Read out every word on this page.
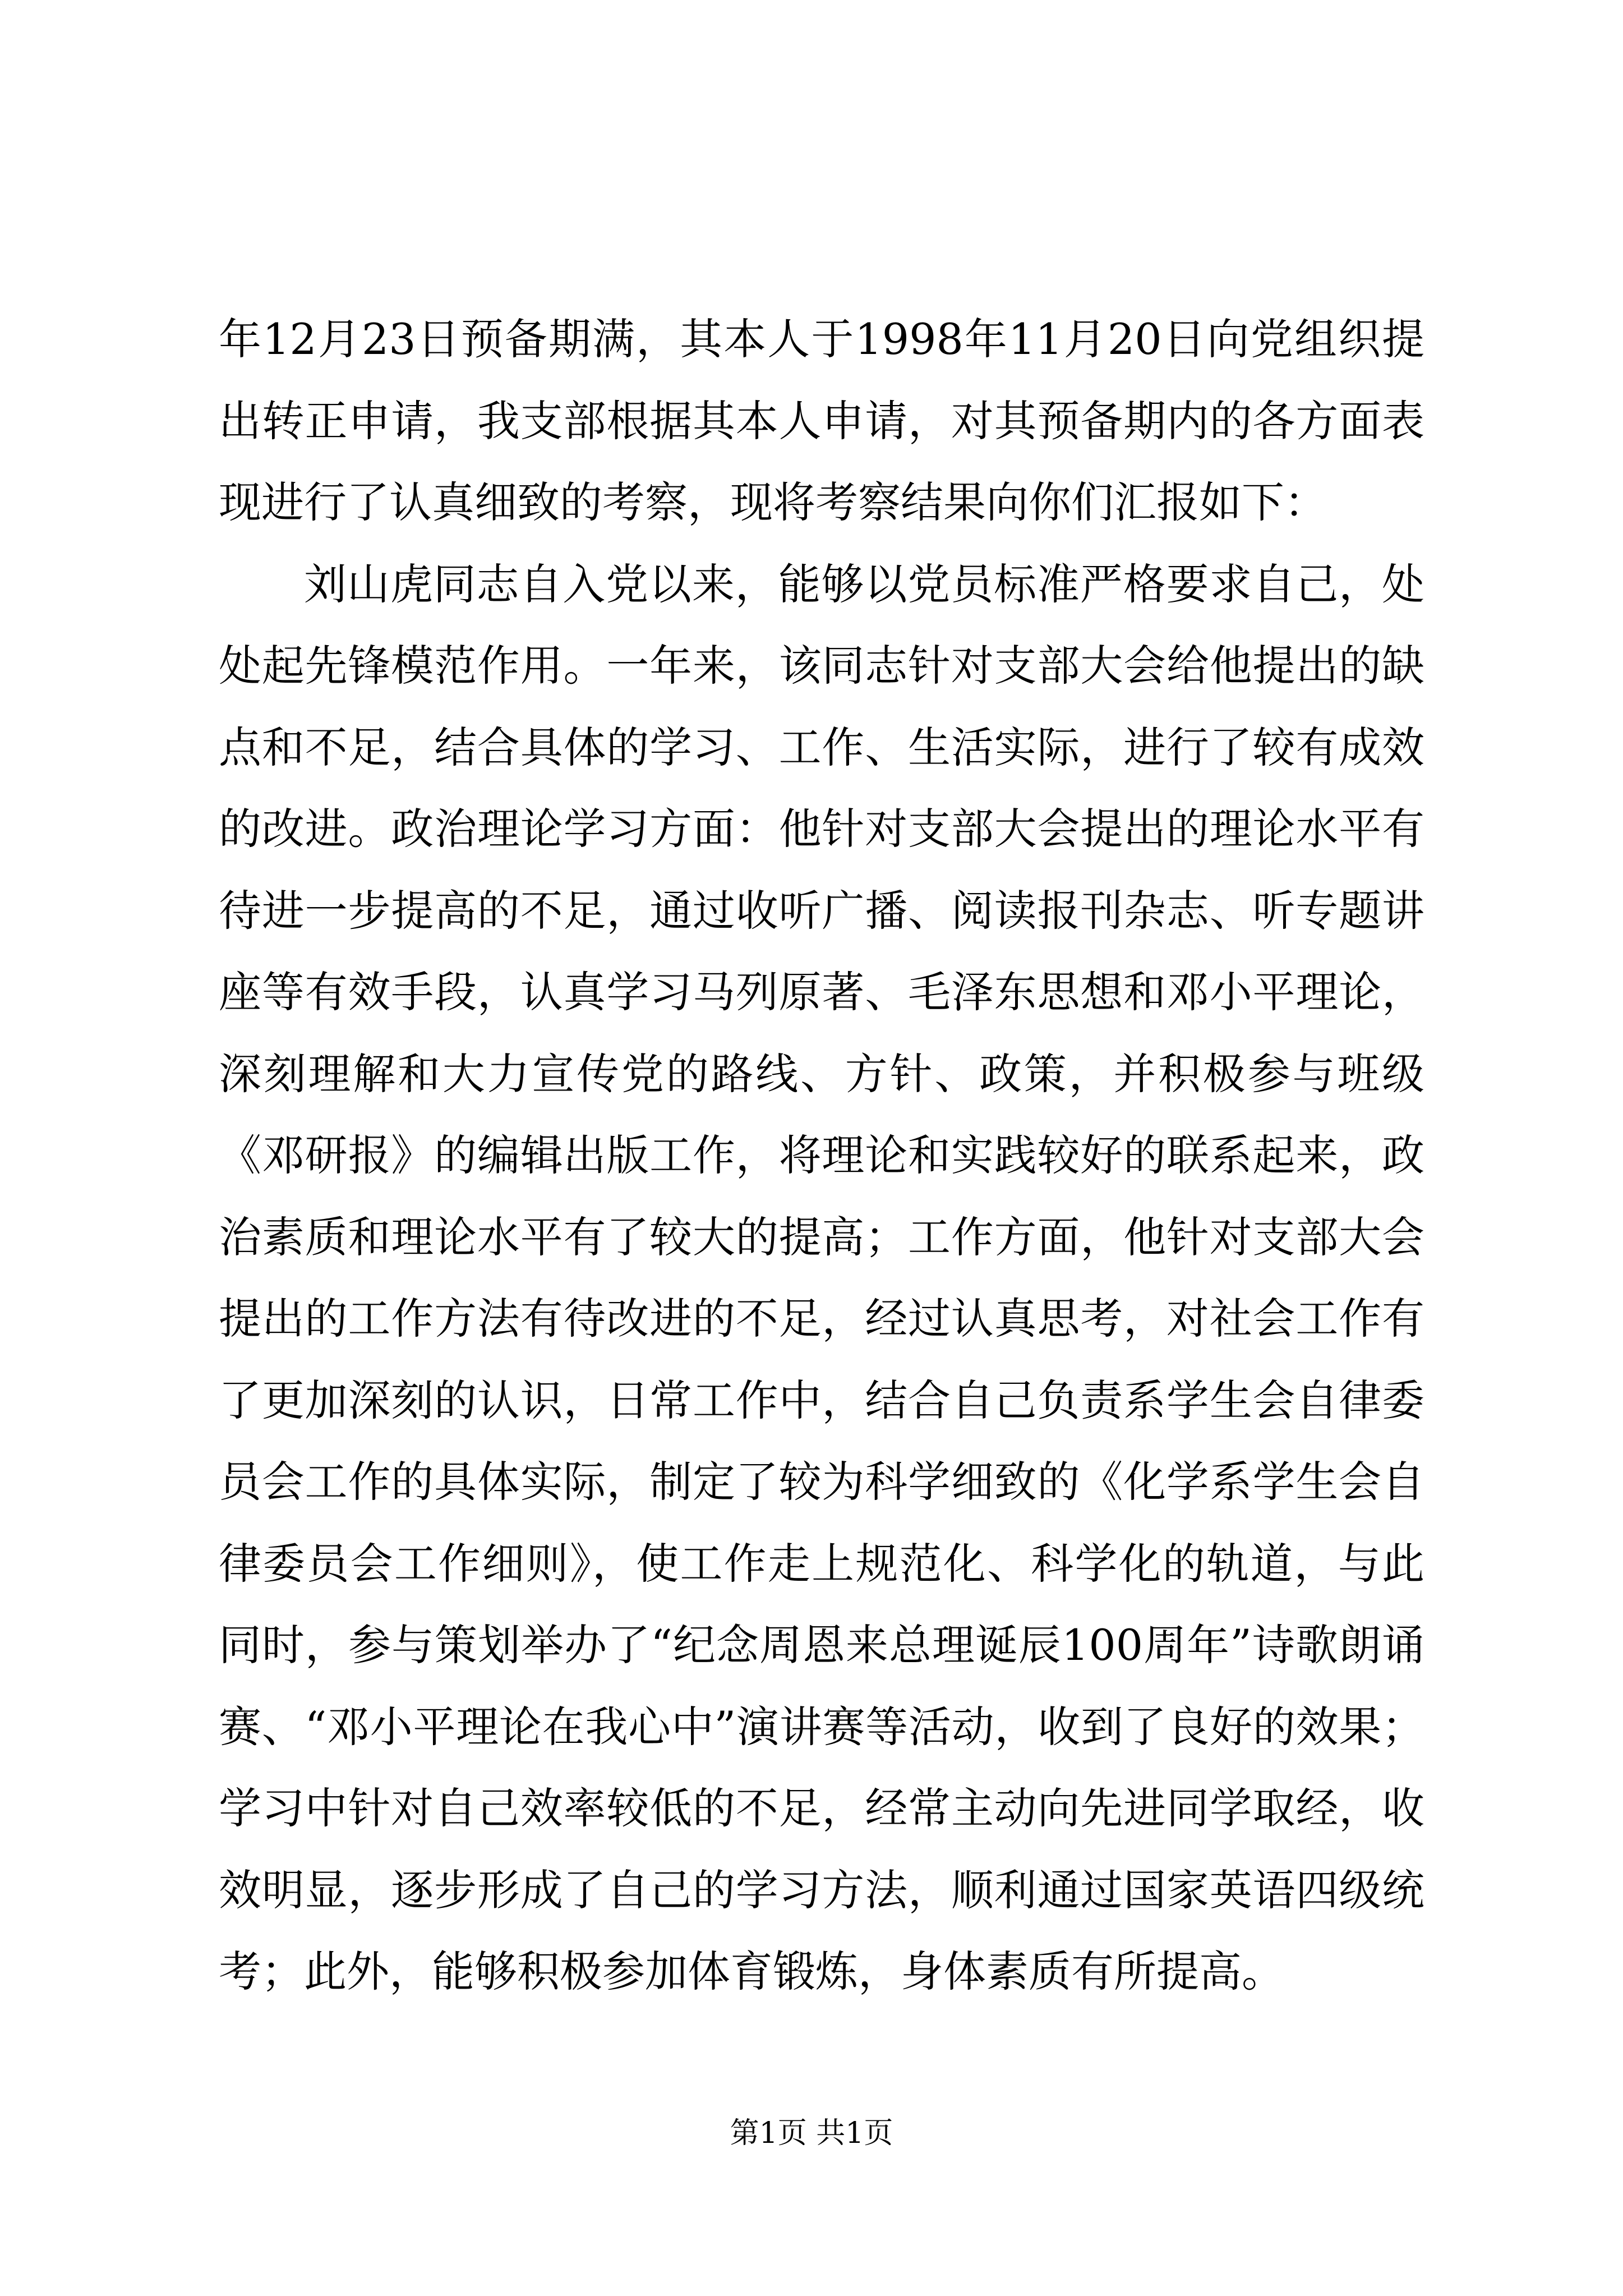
年12月23日预备期满，其本人于1998年11月20日向党组织提出转正申请，我支部根据其本人申请，对其预备期内的各方面表现进行了认真细致的考察，现将考察结果向你们汇报如下：

刘山虎同志自入党以来，能够以党员标准严格要求自己，处处起先锋模范作用。一年来，该同志针对支部大会给他提出的缺点和不足，结合具体的学习、工作、生活实际，进行了较有成效的改进。政治理论学习方面：他针对支部大会提出的理论水平有待进一步提高的不足，通过收听广播、阅读报刊杂志、听专题讲座等有效手段，认真学习马列原著、毛泽东思想和邓小平理论，深刻理解和大力宣传党的路线、方针、政策，并积极参与班级《邓研报》的编辑出版工作，将理论和实践较好的联系起来，政治素质和理论水平有了较大的提高；工作方面，他针对支部大会提出的工作方法有待改进的不足，经过认真思考，对社会工作有了更加深刻的认识，日常工作中，结合自己负责系学生会自律委员会工作的具体实际，制定了较为科学细致的《化学系学生会自律委员会工作细则》，使工作走上规范化、科学化的轨道，与此同时，参与策划举办了“纪念周恩来总理诞辰100周年”诗歌朗诵赛、“邓小平理论在我心中”演讲赛等活动，收到了良好的效果；学习中针对自己效率较低的不足，经常主动向先进同学取经，收效明显，逐步形成了自己的学习方法，顺利通过国家英语四级统考；此外，能够积极参加体育锻炼，身体素质有所提高。

第1页 共1页
